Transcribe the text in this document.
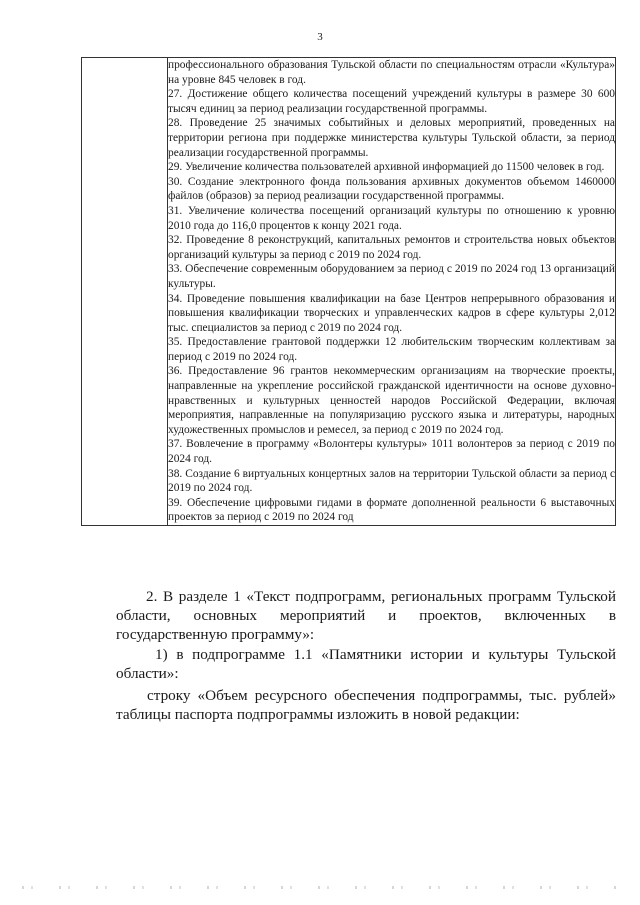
3

профессионального образования Тульской области по специальностям отрасли «Культура» на уровне 845 человек в год.
27. Достижение общего количества посещений учреждений культуры в размере 30 600 тысяч единиц за период реализации государственной программы.
28. Проведение 25 значимых событийных и деловых мероприятий, проведенных на территории региона при поддержке министерства культуры Тульской области, за период реализации государственной программы.
29. Увеличение количества пользователей архивной информацией до 11500 человек в год.
30. Создание электронного фонда пользования архивных документов объемом 1460000 файлов (образов) за период реализации государственной программы.
31. Увеличение количества посещений организаций культуры по отношению к уровню 2010 года до 116,0 процентов к концу 2021 года.
32. Проведение 8 реконструкций, капитальных ремонтов и строительства новых объектов организаций культуры за период с 2019 по 2024 год.
33. Обеспечение современным оборудованием за период с 2019 по 2024 год 13 организаций культуры.
34. Проведение повышения квалификации на базе Центров непрерывного образования и повышения квалификации творческих и управленческих кадров в сфере культуры 2,012 тыс. специалистов за период с 2019 по 2024 год.
35. Предоставление грантовой поддержки 12 любительским творческим коллективам за период с 2019 по 2024 год.
36. Предоставление 96 грантов некоммерческим организациям на творческие проекты, направленные на укрепление российской гражданской идентичности на основе духовно-нравственных и культурных ценностей народов Российской Федерации, включая мероприятия, направленные на популяризацию русского языка и литературы, народных художественных промыслов и ремесел, за период с 2019 по 2024 год.
37. Вовлечение в программу «Волонтеры культуры» 1011 волонтеров за период с 2019 по 2024 год.
38. Создание 6 виртуальных концертных залов на территории Тульской области за период с 2019 по 2024 год.
39. Обеспечение цифровыми гидами в формате дополненной реальности 6 выставочных проектов за период с 2019 по 2024 год
2. В разделе 1 «Текст подпрограмм, региональных программ Тульской области, основных мероприятий и проектов, включенных в государственную программу»:
1) в подпрограмме 1.1 «Памятники истории и культуры Тульской области»:
строку «Объем ресурсного обеспечения подпрограммы, тыс. рублей» таблицы паспорта подпрограммы изложить в новой редакции:
